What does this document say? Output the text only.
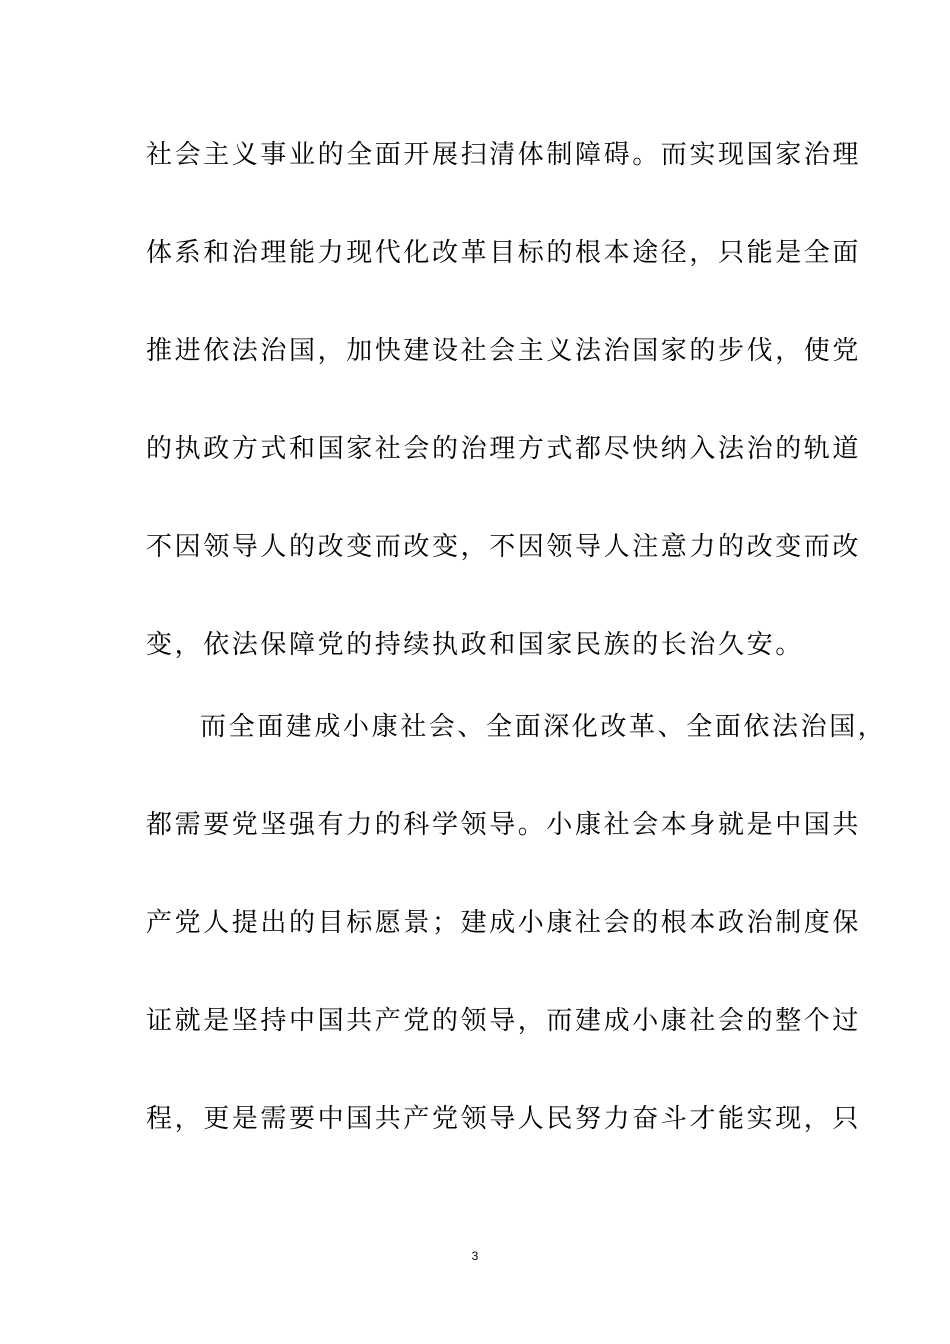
社会主义事业的全面开展扫清体制障碍。而实现国家治理
体系和治理能力现代化改革目标的根本途径，只能是全面
推进依法治国，加快建设社会主义法治国家的步伐，使党
的执政方式和国家社会的治理方式都尽快纳入法治的轨道
不因领导人的改变而改变，不因领导人注意力的改变而改
变，依法保障党的持续执政和国家民族的长治久安。
而全面建成小康社会、全面深化改革、全面依法治国，
都需要党坚强有力的科学领导。小康社会本身就是中国共
产党人提出的目标愿景；建成小康社会的根本政治制度保
证就是坚持中国共产党的领导，而建成小康社会的整个过
程，更是需要中国共产党领导人民努力奋斗才能实现，只
3
